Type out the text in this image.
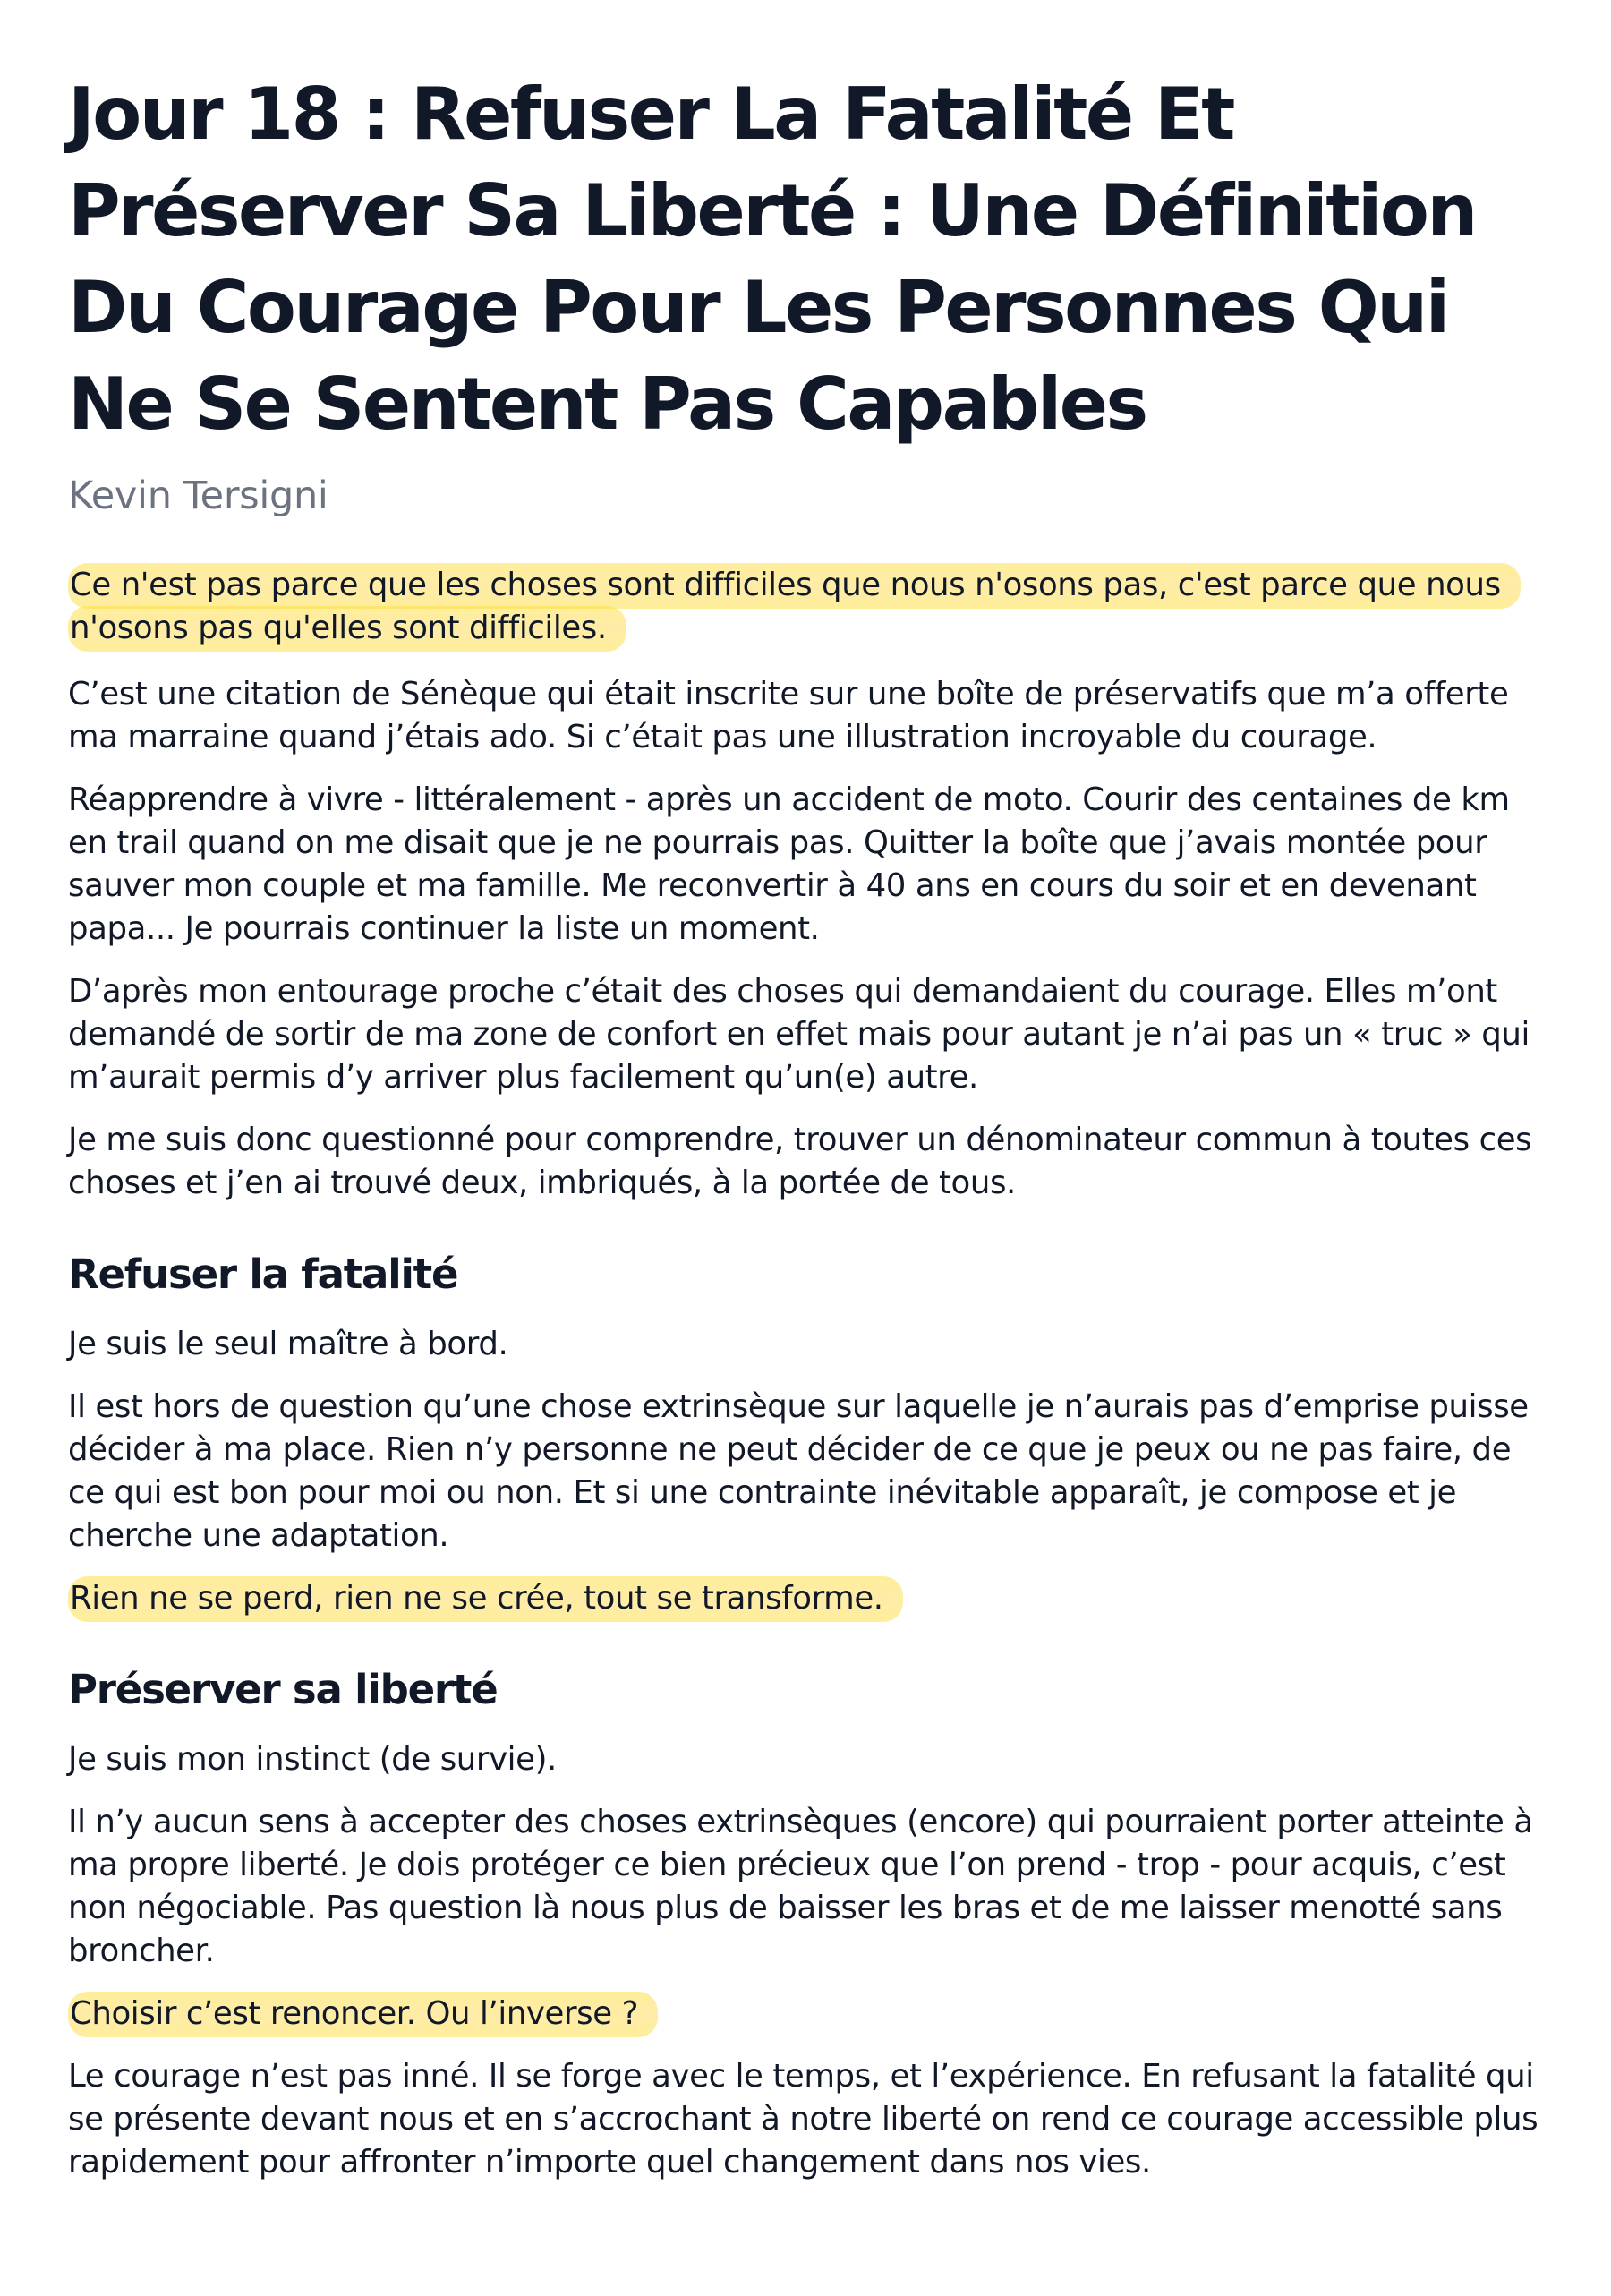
Jour 18 : Refuser La Fatalité Et Préserver Sa Liberté : Une Définition Du Courage Pour Les Personnes Qui Ne Se Sentent Pas Capables
Kevin Tersigni

Ce n'est pas parce que les choses sont difficiles que nous n'osons pas, c'est parce que nous n'osons pas qu'elles sont difficiles.

C’est une citation de Sénèque qui était inscrite sur une boîte de préservatifs que m’a offerte ma marraine quand j’étais ado. Si c’était pas une illustration incroyable du courage.

Réapprendre à vivre - littéralement - après un accident de moto. Courir des centaines de km en trail quand on me disait que je ne pourrais pas. Quitter la boîte que j’avais montée pour sauver mon couple et ma famille. Me reconvertir à 40 ans en cours du soir et en devenant papa... Je pourrais continuer la liste un moment.

D’après mon entourage proche c’était des choses qui demandaient du courage. Elles m’ont demandé de sortir de ma zone de confort en effet mais pour autant je n’ai pas un « truc » qui m’aurait permis d’y arriver plus facilement qu’un(e) autre.

Je me suis donc questionné pour comprendre, trouver un dénominateur commun à toutes ces choses et j’en ai trouvé deux, imbriqués, à la portée de tous.

Refuser la fatalité

Je suis le seul maître à bord.

Il est hors de question qu’une chose extrinsèque sur laquelle je n’aurais pas d’emprise puisse décider à ma place. Rien n’y personne ne peut décider de ce que je peux ou ne pas faire, de ce qui est bon pour moi ou non. Et si une contrainte inévitable apparaît, je compose et je cherche une adaptation.

Rien ne se perd, rien ne se crée, tout se transforme.

Préserver sa liberté

Je suis mon instinct (de survie).

Il n’y aucun sens à accepter des choses extrinsèques (encore) qui pourraient porter atteinte à ma propre liberté. Je dois protéger ce bien précieux que l’on prend - trop - pour acquis, c’est non négociable. Pas question là nous plus de baisser les bras et de me laisser menotté sans broncher.

Choisir c’est renoncer. Ou l’inverse ?

Le courage n’est pas inné. Il se forge avec le temps, et l’expérience. En refusant la fatalité qui se présente devant nous et en s’accrochant à notre liberté on rend ce courage accessible plus rapidement pour affronter n’importe quel changement dans nos vies.
